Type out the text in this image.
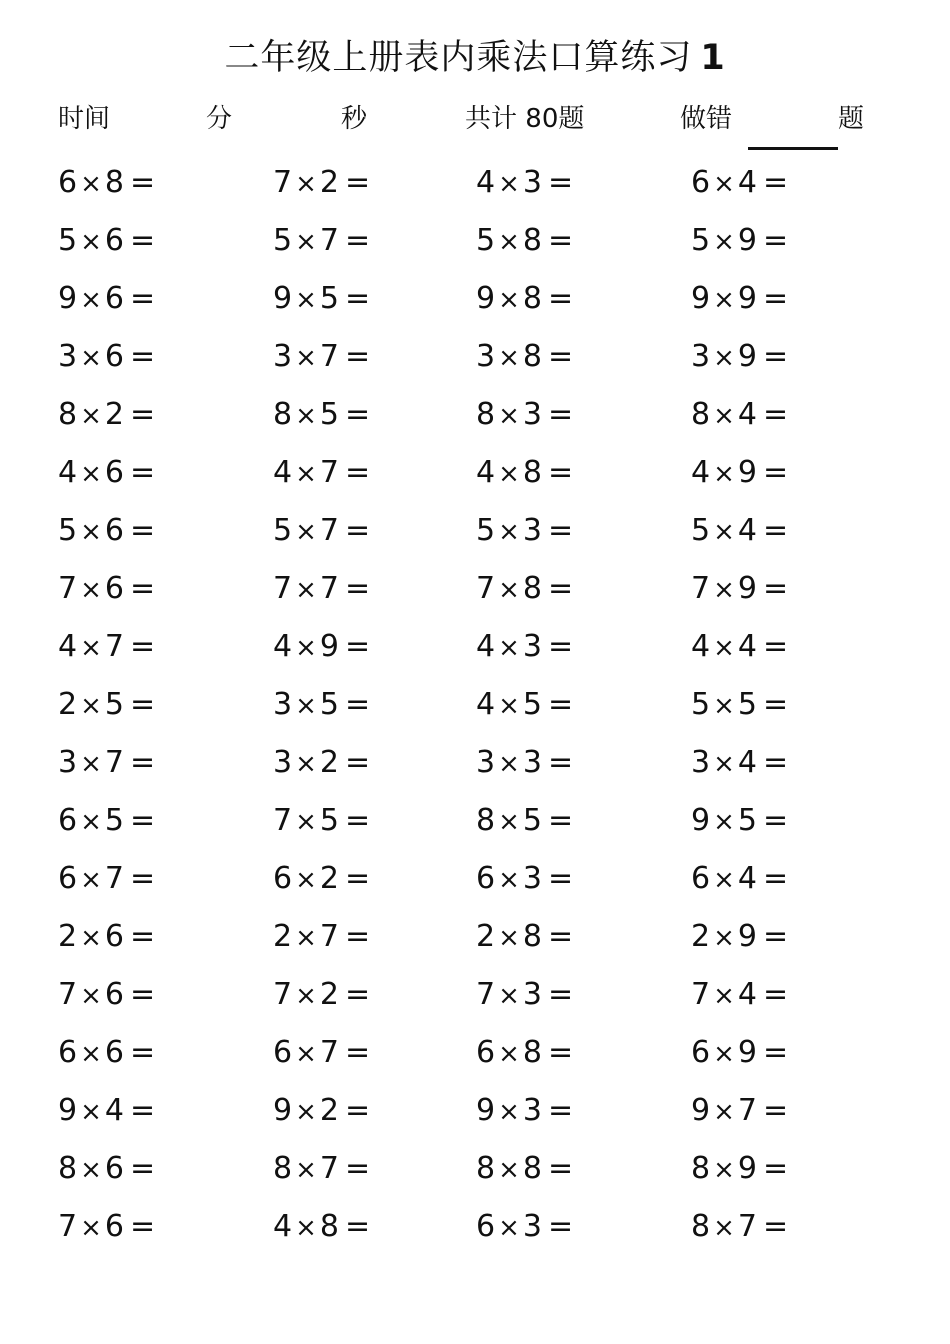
二年级上册表内乘法口算练习 1
时间	分	秒	共计 80题	做错	题
6 × 8 =	7 × 2 =	4 × 3 =	6 × 4 =
5 × 6 =	5 × 7 =	5 × 8 =	5 × 9 =
9 × 6 =	9 × 5 =	9 × 8 =	9 × 9 =
3 × 6 =	3 × 7 =	3 × 8 =	3 × 9 =
8 × 2 =	8 × 5 =	8 × 3 =	8 × 4 =
4 × 6 =	4 × 7 =	4 × 8 =	4 × 9 =
5 × 6 =	5 × 7 =	5 × 3 =	5 × 4 =
7 × 6 =	7 × 7 =	7 × 8 =	7 × 9 =
4 × 7 =	4 × 9 =	4 × 3 =	4 × 4 =
2 × 5 =	3 × 5 =	4 × 5 =	5 × 5 =
3 × 7 =	3 × 2 =	3 × 3 =	3 × 4 =
6 × 5 =	7 × 5 =	8 × 5 =	9 × 5 =
6 × 7 =	6 × 2 =	6 × 3 =	6 × 4 =
2 × 6 =	2 × 7 =	2 × 8 =	2 × 9 =
7 × 6 =	7 × 2 =	7 × 3 =	7 × 4 =
6 × 6 =	6 × 7 =	6 × 8 =	6 × 9 =
9 × 4 =	9 × 2 =	9 × 3 =	9 × 7 =
8 × 6 =	8 × 7 =	8 × 8 =	8 × 9 =
7 × 6 =	4 × 8 =	6 × 3 =	8 × 7 =
